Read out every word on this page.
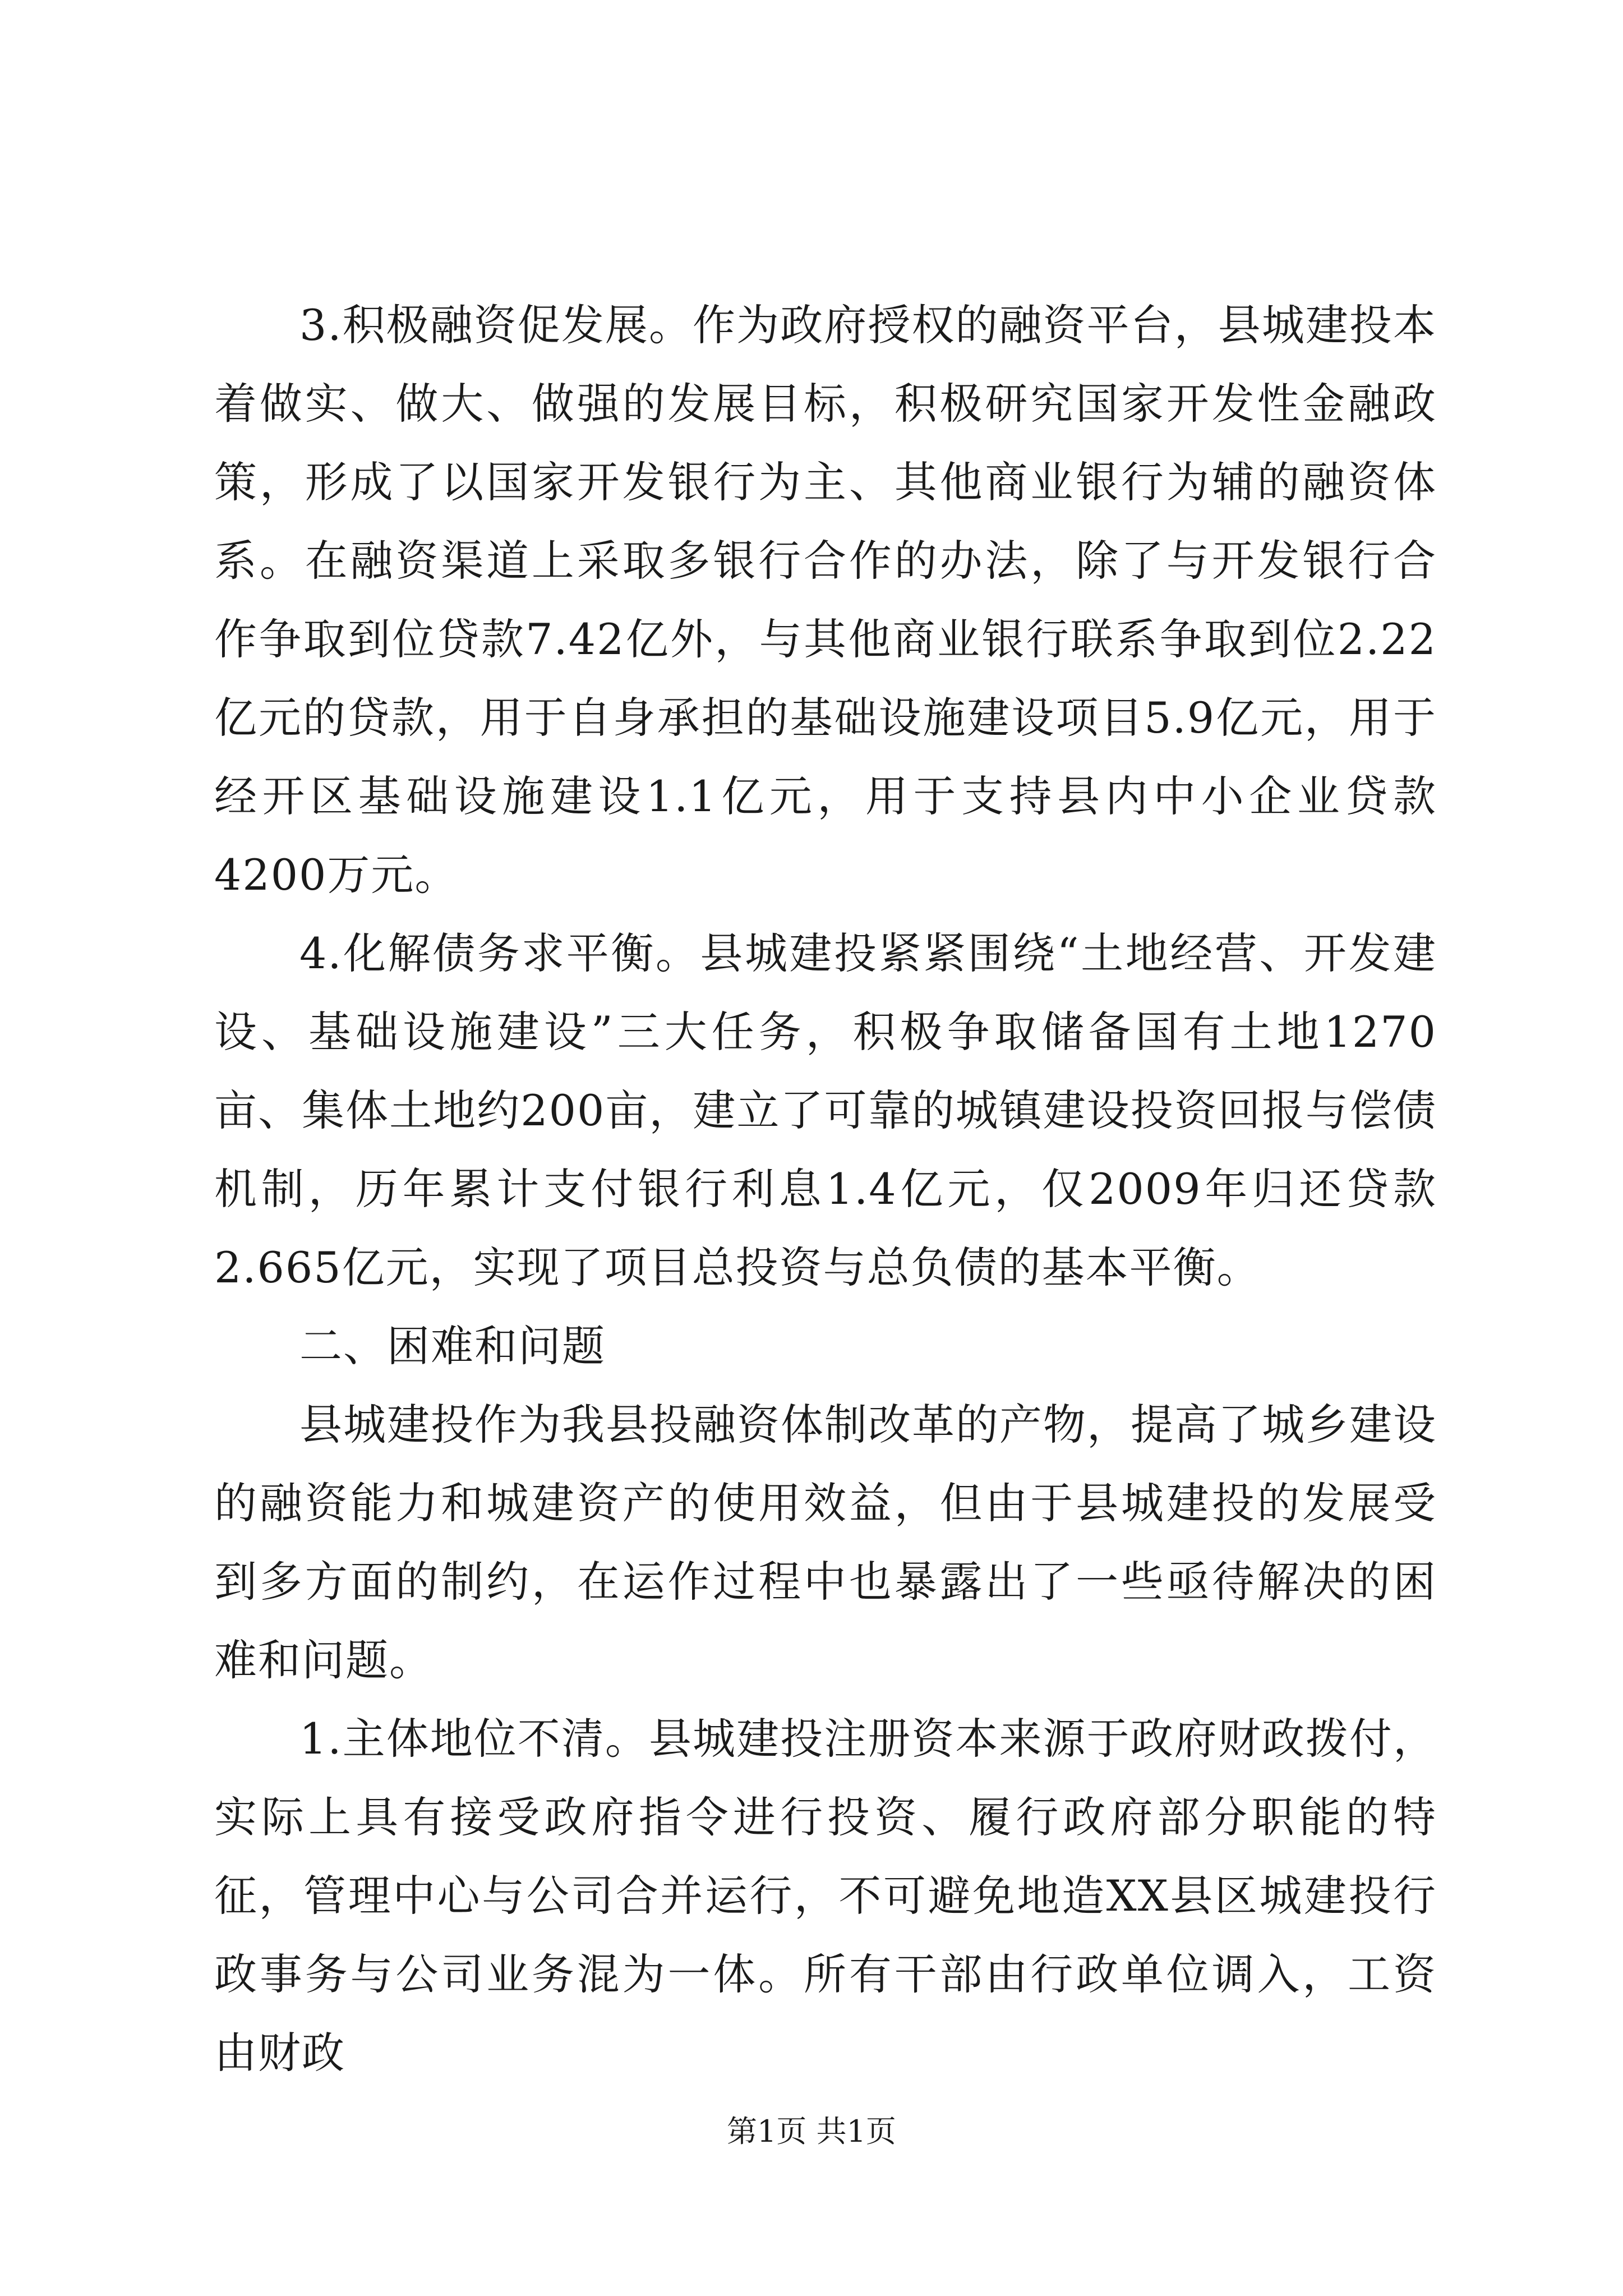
3.积极融资促发展。作为政府授权的融资平台，县城建投本着做实、做大、做强的发展目标，积极研究国家开发性金融政策，形成了以国家开发银行为主、其他商业银行为辅的融资体系。在融资渠道上采取多银行合作的办法，除了与开发银行合作争取到位贷款7.42亿外，与其他商业银行联系争取到位2.22亿元的贷款，用于自身承担的基础设施建设项目5.9亿元，用于经开区基础设施建设1.1亿元，用于支持县内中小企业贷款4200万元。

4.化解债务求平衡。县城建投紧紧围绕“土地经营、开发建设、基础设施建设”三大任务，积极争取储备国有土地1270亩、集体土地约200亩，建立了可靠的城镇建设投资回报与偿债机制，历年累计支付银行利息1.4亿元，仅2009年归还贷款2.665亿元，实现了项目总投资与总负债的基本平衡。

二、困难和问题

县城建投作为我县投融资体制改革的产物，提高了城乡建设的融资能力和城建资产的使用效益，但由于县城建投的发展受到多方面的制约，在运作过程中也暴露出了一些亟待解决的困难和问题。

1.主体地位不清。县城建投注册资本来源于政府财政拨付，实际上具有接受政府指令进行投资、履行政府部分职能的特征，管理中心与公司合并运行，不可避免地造XX县区城建投行政事务与公司业务混为一体。所有干部由行政单位调入，工资由财政

第1页 共1页
